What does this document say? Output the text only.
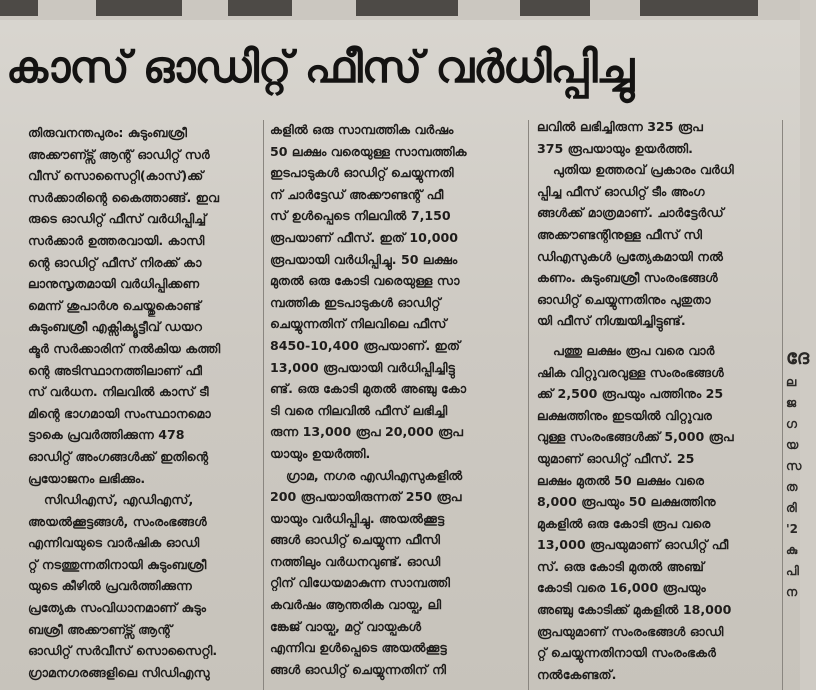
കാസ് ഓഡിറ്റ് ഫീസ് വർധിപ്പിച്ചു

തിരുവനന്തപുരം: കുടുംബശ്രീ

അക്കൗണ്ട്സ് ആന്റ് ഓഡിറ്റ് സർ

വീസ് സൊസൈറ്റി(കാസ്)ക്ക്

സർക്കാരിന്റെ കൈത്താങ്ങ്. ഇവ

രുടെ ഓഡിറ്റ് ഫീസ് വർധിപ്പിച്ച്

സർക്കാർ ഉത്തരവായി. കാസി

ന്റെ ഓഡിറ്റ് ഫീസ് നിരക്ക് കാ

ലാനുസൃതമായി വർധിപ്പിക്കണ

മെന്ന് ശുപാർശ ചെയ്തുകൊണ്ട്

കുടുംബശ്രീ എക്സിക്യൂട്ടീവ് ഡയറ

ക്ടർ സർക്കാരിന് നൽകിയ കത്തി

ന്റെ അടിസ്ഥാനത്തിലാണ് ഫീ

സ് വർധന. നിലവിൽ കാസ് ടീ

മിന്റെ ഭാഗമായി സംസ്ഥാനമൊ

ട്ടാകെ പ്രവർത്തിക്കുന്ന 478

ഓഡിറ്റ് അംഗങ്ങൾക്ക് ഇതിന്റെ

പ്രയോജനം ലഭിക്കും.

സിഡിഎസ്, എഡിഎസ്,

അയൽക്കൂട്ടങ്ങൾ, സംരംഭങ്ങൾ

എന്നിവയുടെ വാർഷിക ഓഡി

റ്റ് നടത്തുന്നതിനായി കുടുംബശ്രീ

യുടെ കീഴിൽ പ്രവർത്തിക്കുന്ന

പ്രത്യേക സംവിധാനമാണ് കുടും

ബശ്രീ അക്കൗണ്ട്സ് ആന്റ്

ഓഡിറ്റ് സർവീസ് സൊസൈറ്റി.

ഗ്രാമനഗരങ്ങളിലെ സിഡിഎസു

കളിൽ ഒരു സാമ്പത്തിക വർഷം

50 ലക്ഷം വരെയുള്ള സാമ്പത്തിക

ഇടപാടുകൾ ഓഡിറ്റ് ചെയ്യുന്നതി

ന് ചാർട്ടേഡ് അക്കൗണ്ടന്റ് ഫീ

സ് ഉൾപ്പെടെ നിലവിൽ 7,150

രൂപയാണ് ഫീസ്. ഇത് 10,000

രൂപയായി വർധിപ്പിച്ചു. 50 ലക്ഷം

മുതൽ ഒരു കോടി വരെയുള്ള സാ

മ്പത്തിക ഇടപാടുകൾ ഓഡിറ്റ്

ചെയ്യുന്നതിന് നിലവിലെ ഫീസ്

8450-10,400 രൂപയാണ്. ഇത്

13,000 രൂപയായി വർധിപ്പിച്ചിട്ടു

ണ്ട്. ഒരു കോടി മുതൽ അഞ്ചു കോ

ടി വരെ നിലവിൽ ഫീസ് ലഭിച്ചി

രുന്ന 13,000 രൂപ 20,000 രൂപ

യായും ഉയർത്തി.

ഗ്രാമ, നഗര എഡിഎസുകളിൽ

200 രൂപയായിരുന്നത് 250 രൂപ

യായും വർധിപ്പിച്ചു. അയൽക്കൂട്ട

ങ്ങൾ ഓഡിറ്റ് ചെയ്യുന്ന ഫീസി

നത്തിലും വർധനവുണ്ട്. ഓഡി

റ്റിന് വിധേയമാകുന്ന സാമ്പത്തി

കവർഷം ആന്തരിക വായ്പ, ലി

ങ്കേജ് വായ്പ, മറ്റ് വായ്പകൾ

എന്നിവ ഉൾപ്പെടെ അയൽക്കൂട്ട

ങ്ങൾ ഓഡിറ്റ് ചെയ്യുന്നതിന് നി

ലവിൽ ലഭിച്ചിരുന്ന 325 രൂപ

375 രൂപയായും ഉയർത്തി.

പുതിയ ഉത്തരവ് പ്രകാരം വർധി

പ്പിച്ച ഫീസ് ഓഡിറ്റ് ടീം അംഗ

ങ്ങൾക്ക് മാത്രമാണ്. ചാർട്ടേർഡ്

അക്കൗണ്ടന്റിനുള്ള ഫീസ് സി

ഡിഎസുകൾ പ്രത്യേകമായി നൽ

കണം. കുടുംബശ്രീ സംരംഭങ്ങൾ

ഓഡിറ്റ് ചെയ്യുന്നതിനും പുതുതാ

യി ഫീസ് നിശ്ചയിച്ചിട്ടുണ്ട്.

പത്തു ലക്ഷം രൂപ വരെ വാർ

ഷിക വിറ്റുവരവുള്ള സംരംഭങ്ങൾ

ക്ക് 2,500 രൂപയും പത്തിനും 25

ലക്ഷത്തിനും ഇടയിൽ വിറ്റുവര

വുള്ള സംരംഭങ്ങൾക്ക് 5,000 രൂപ

യുമാണ് ഓഡിറ്റ് ഫീസ്. 25

ലക്ഷം മുതൽ 50 ലക്ഷം വരെ

8,000 രൂപയും 50 ലക്ഷത്തിനു

മുകളിൽ ഒരു കോടി രൂപ വരെ

13,000 രൂപയുമാണ് ഓഡിറ്റ് ഫീ

സ്. ഒരു കോടി മുതൽ അഞ്ച്

കോടി വരെ 16,000 രൂപയും

അഞ്ചു കോടിക്ക് മുകളിൽ 18,000

രൂപയുമാണ് സംരംഭങ്ങൾ ഓഡി

റ്റ് ചെയ്യുന്നതിനായി സംരംഭകർ

നൽകേണ്ടത്.

ദേ

ല

ജ

ഗ

യ

സ

ത

രി

'2

കു

പി

ന
